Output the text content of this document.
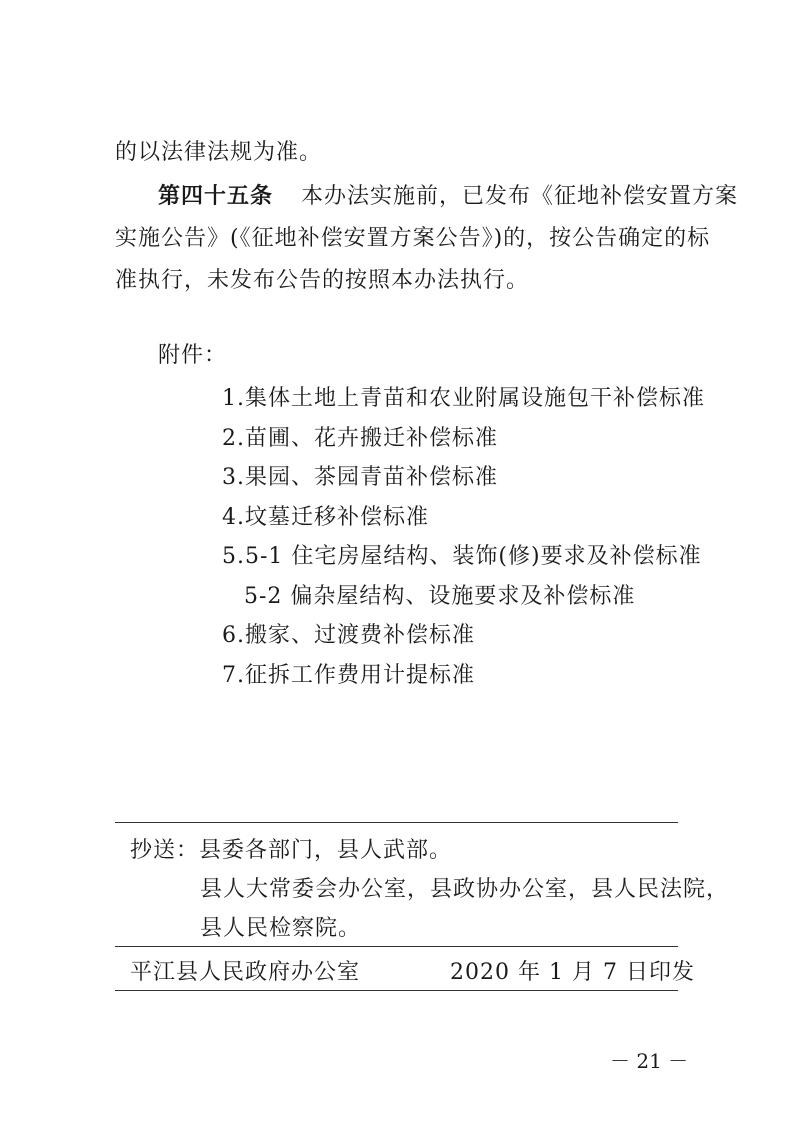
的以法律法规为准。
第四十五条 本办法实施前，已发布《征地补偿安置方案
实施公告》(《征地补偿安置方案公告》)的，按公告确定的标
准执行，未发布公告的按照本办法执行。
附件：
1.集体土地上青苗和农业附属设施包干补偿标准
2.苗圃、花卉搬迁补偿标准
3.果园、茶园青苗补偿标准
4.坟墓迁移补偿标准
5.5-1 住宅房屋结构、装饰(修)要求及补偿标准
5-2 偏杂屋结构、设施要求及补偿标准
6.搬家、过渡费补偿标准
7.征拆工作费用计提标准
抄送：县委各部门，县人武部。
县人大常委会办公室，县政协办公室，县人民法院，
县人民检察院。
平江县人民政府办公室	2020 年 1 月 7 日印发
－ 21 －
